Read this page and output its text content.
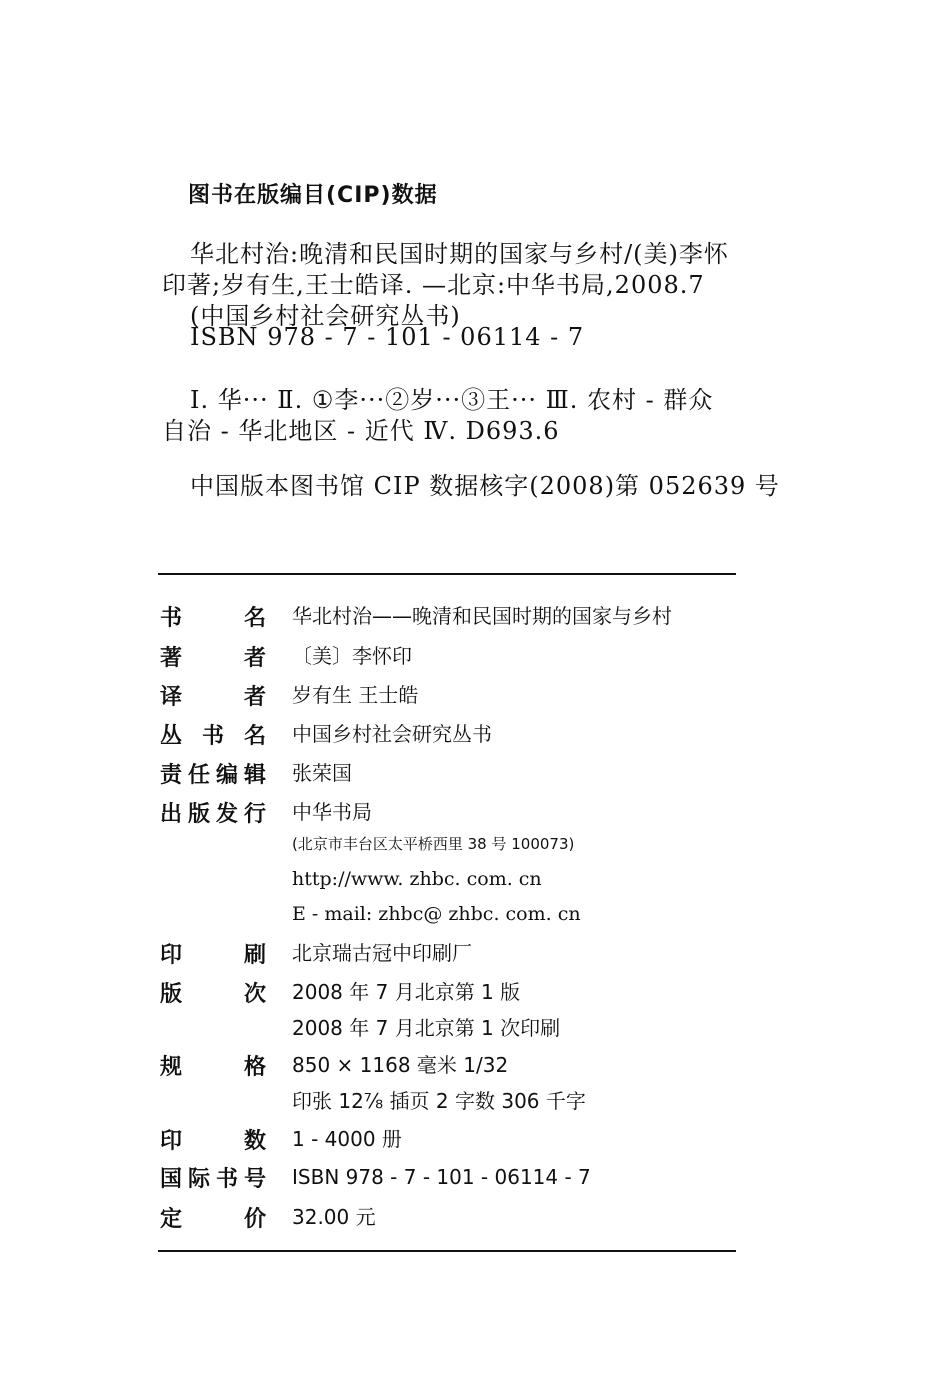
图书在版编目(CIP)数据
华北村治:晚清和民国时期的国家与乡村/(美)李怀
印著;岁有生,王士皓译. —北京:中华书局,2008.7
(中国乡村社会研究丛书)
ISBN 978 - 7 - 101 - 06114 - 7
Ⅰ. 华··· Ⅱ. ①李···②岁···③王··· Ⅲ. 农村 - 群众
自治 - 华北地区 - 近代 Ⅳ. D693.6
中国版本图书馆 CIP 数据核字(2008)第 052639 号
书	名 华北村治——晚清和民国时期的国家与乡村
著	者 〔美〕李怀印
译	者 岁有生 王士皓
丛 书 名 中国乡村社会研究丛书
责 任 编 辑 张荣国
出 版 发 行 中华书局
(北京市丰台区太平桥西里 38 号 100073)
http://www. zhbc. com. cn
E - mail: zhbc@ zhbc. com. cn
印	刷 北京瑞古冠中印刷厂
版	次 2008 年 7 月北京第 1 版
2008 年 7 月北京第 1 次印刷
规	格 850 × 1168 毫米 1/32
印张 12⅞ 插页 2 字数 306 千字
印	数 1 - 4000 册
国 际 书 号 ISBN 978 - 7 - 101 - 06114 - 7
定	价 32.00 元
